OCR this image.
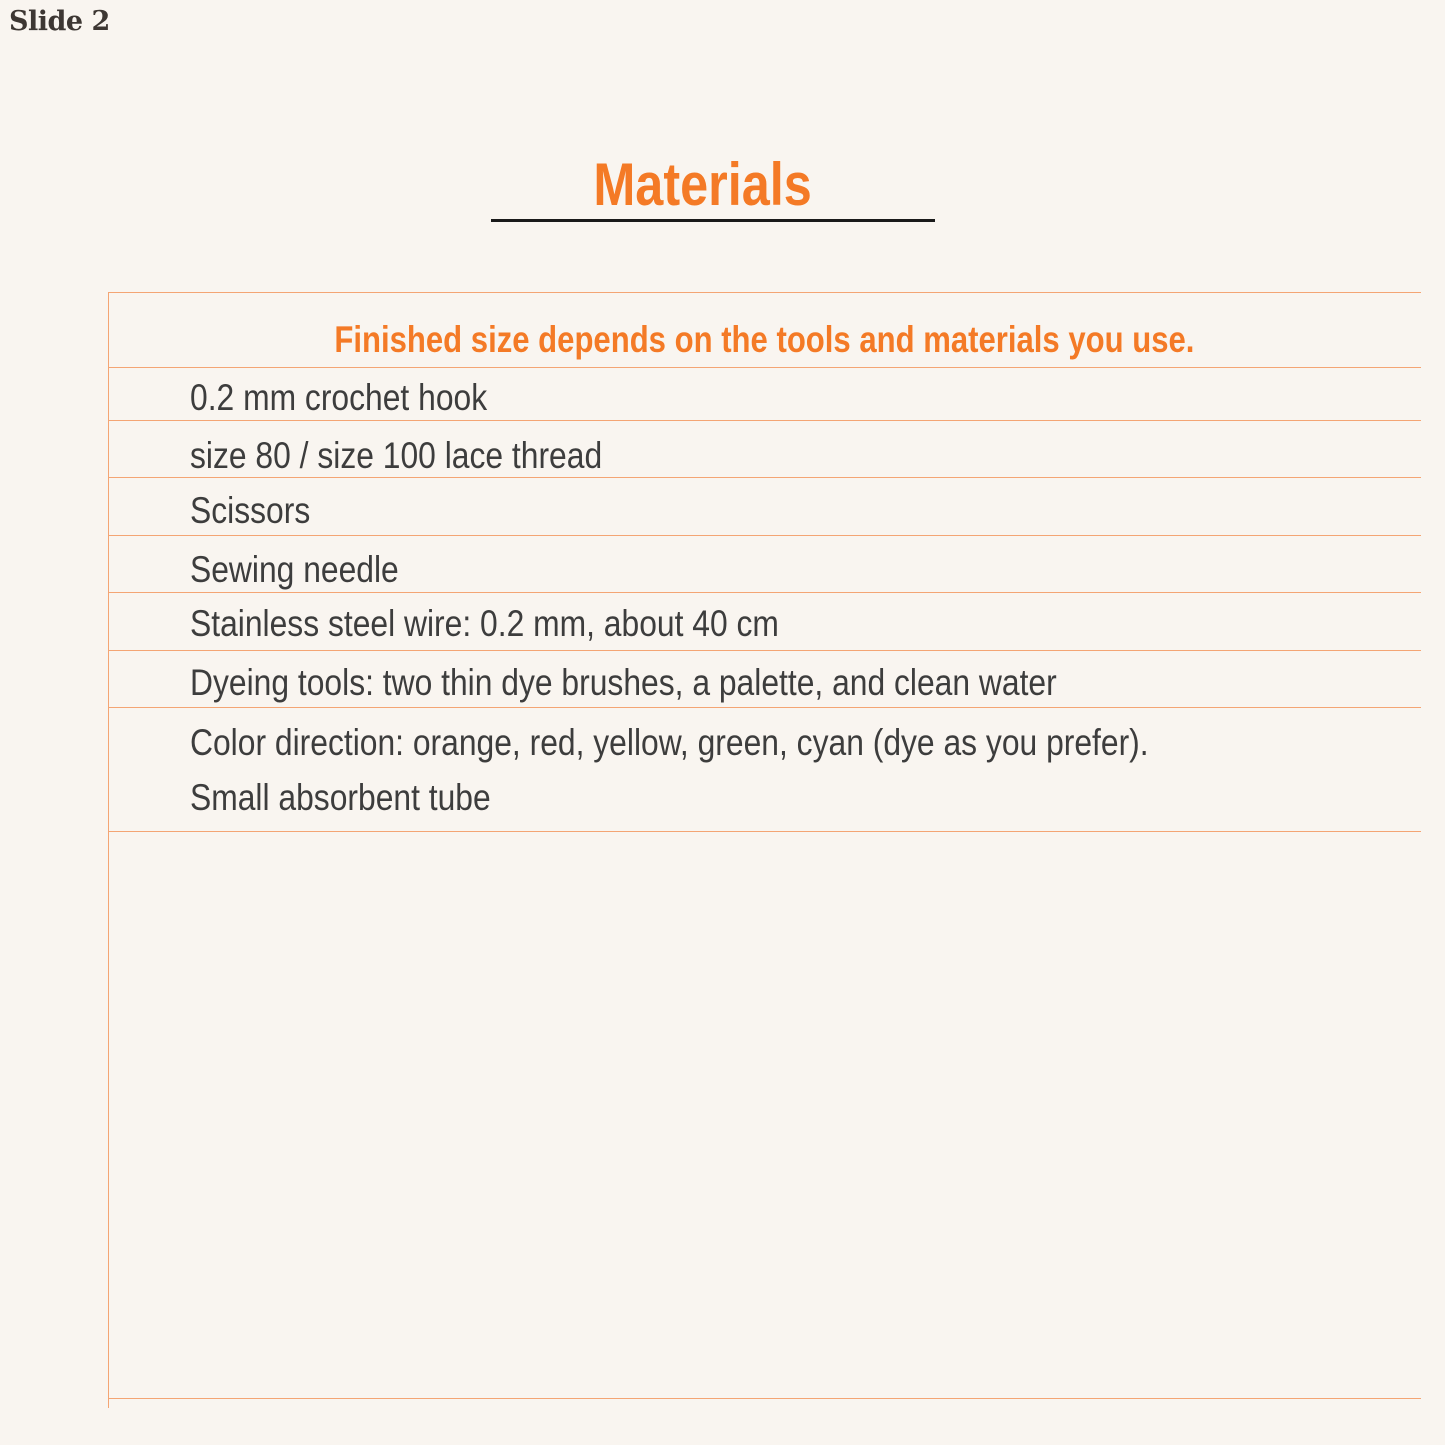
Slide 2
Materials
Finished size depends on the tools and materials you use.
0.2 mm crochet hook
size 80 / size 100 lace thread
Scissors
Sewing needle
Stainless steel wire: 0.2 mm, about 40 cm
Dyeing tools: two thin dye brushes, a palette, and clean water
Color direction: orange, red, yellow, green, cyan (dye as you prefer).
Small absorbent tube
